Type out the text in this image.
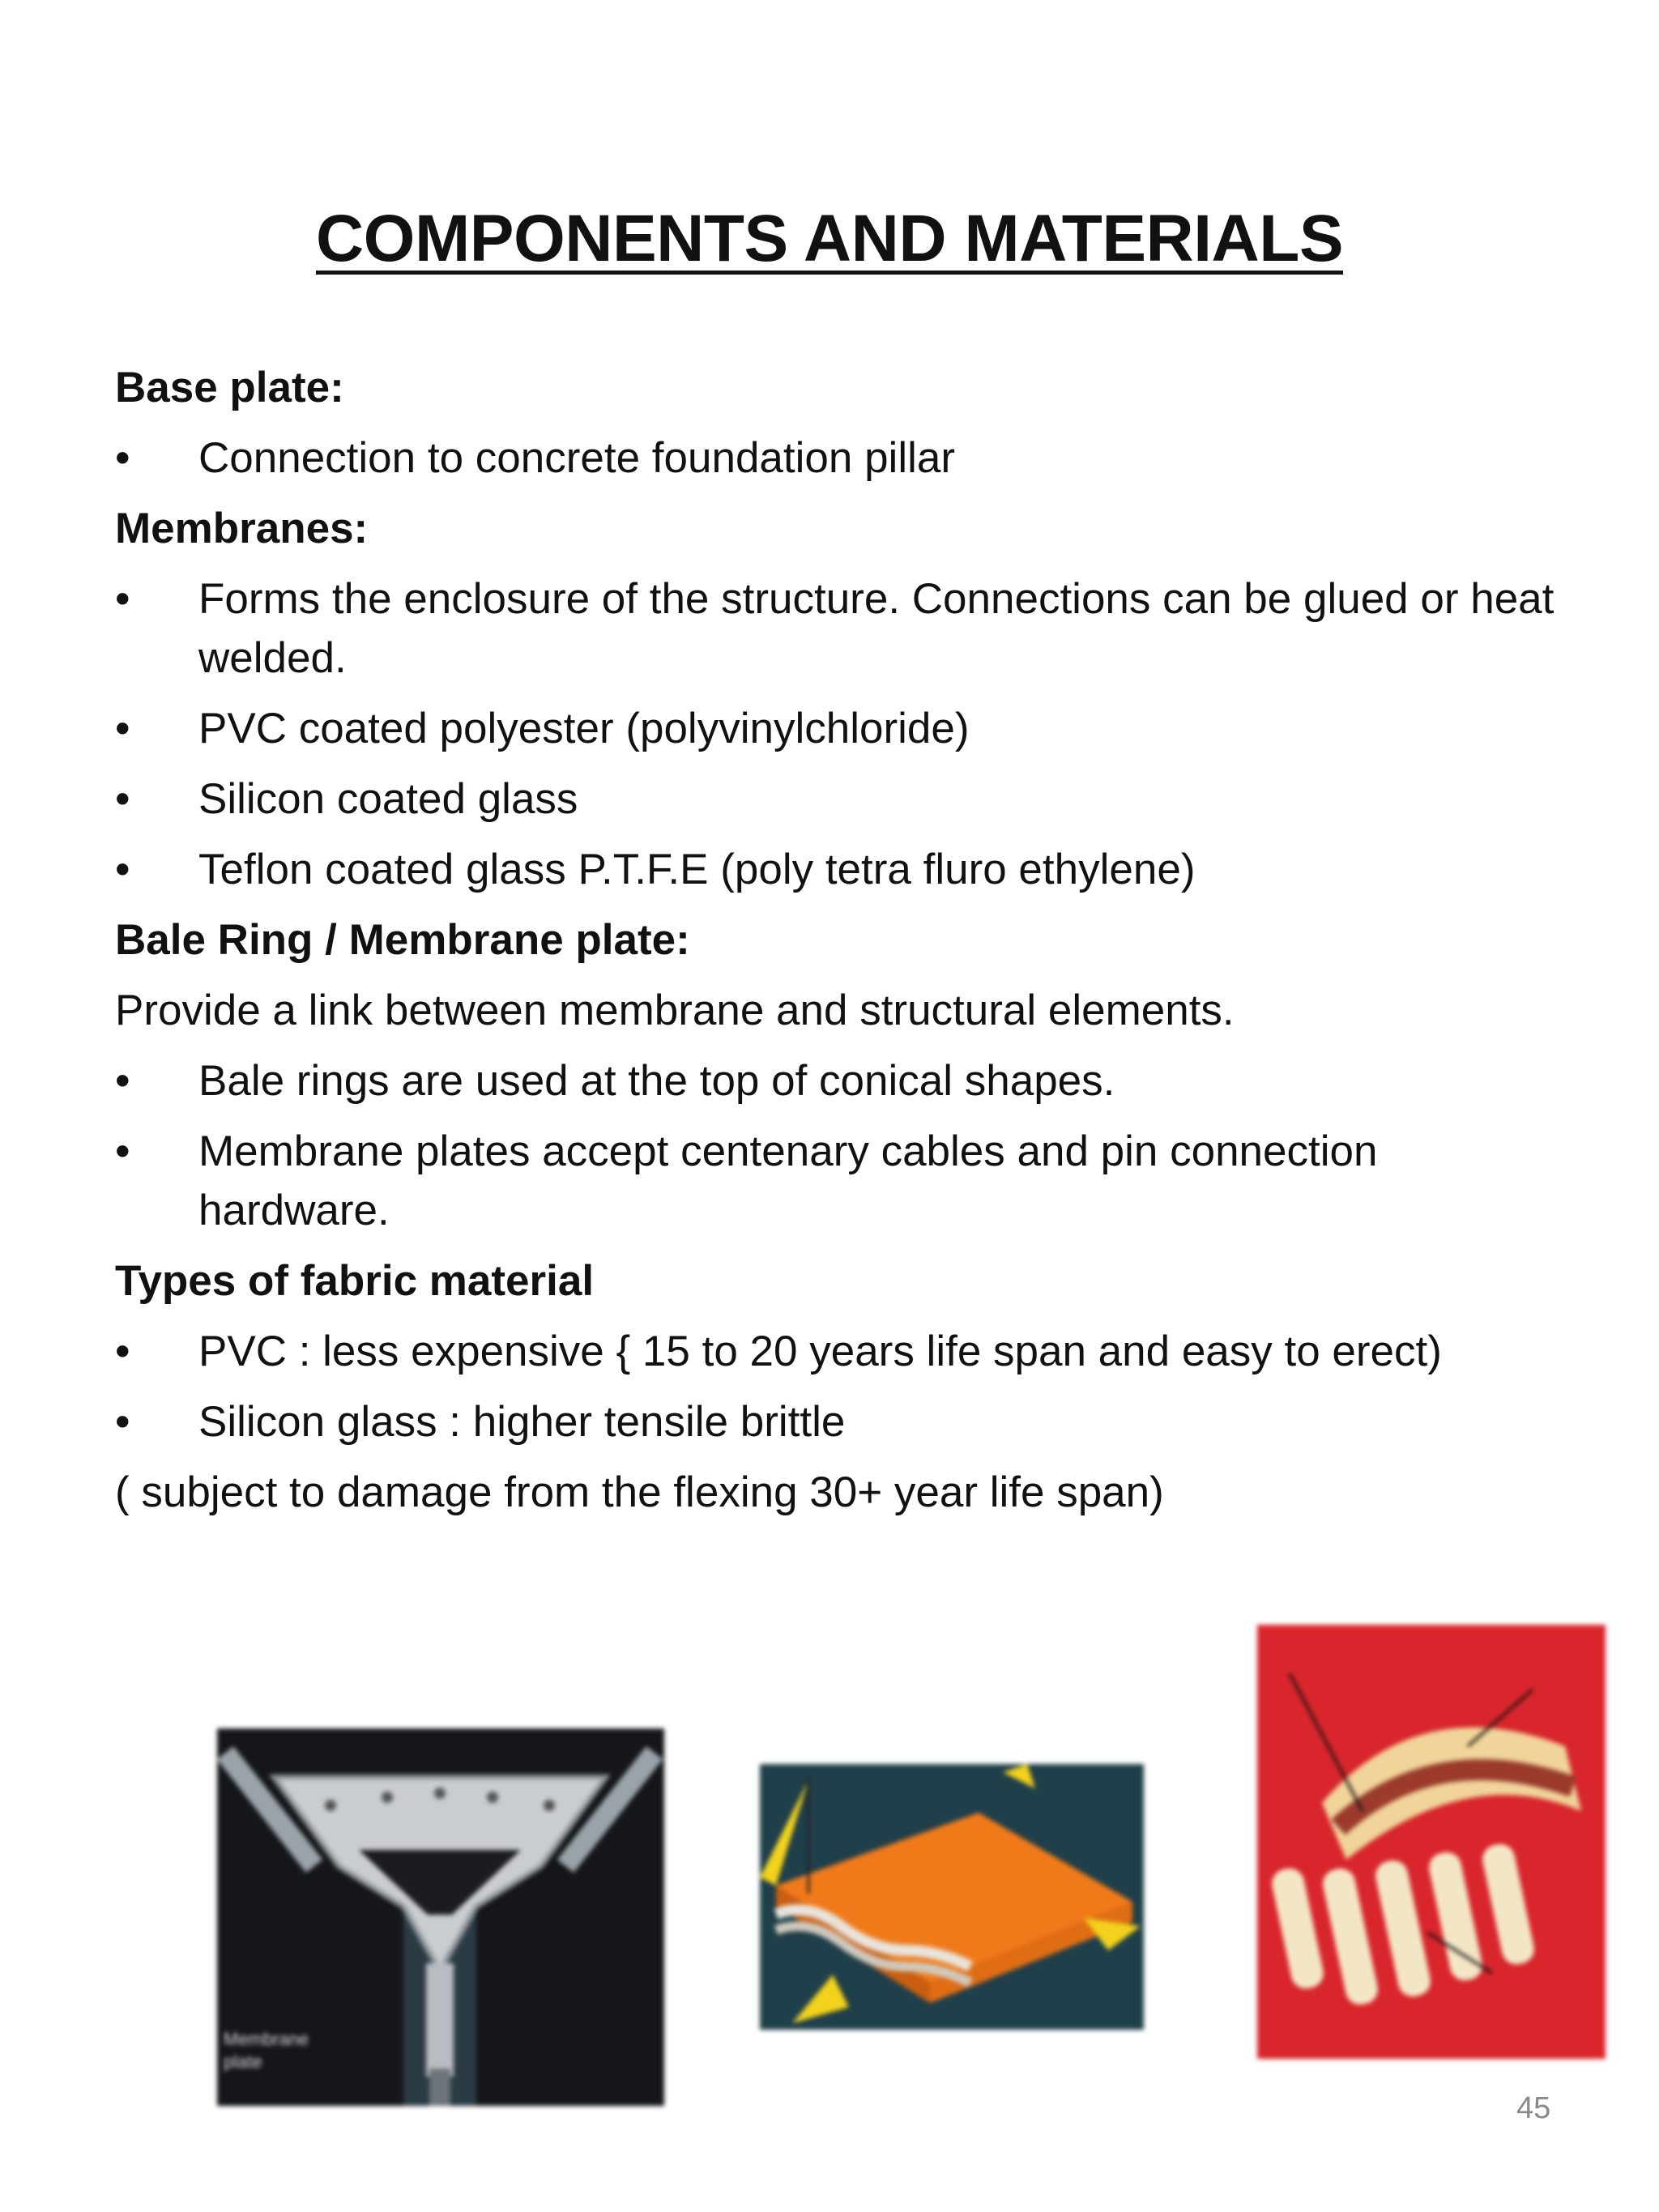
COMPONENTS AND MATERIALS
Base plate:
• Connection to concrete foundation pillar
Membranes:
• Forms the enclosure of the structure. Connections can be glued or heat welded.
• PVC coated polyester (polyvinylchloride)
• Silicon coated glass
• Teflon coated glass P.T.F.E (poly tetra fluro ethylene)
Bale Ring / Membrane plate:
Provide a link between membrane and structural elements.
• Bale rings are used at the top of conical shapes.
• Membrane plates accept centenary cables and pin connection hardware.
Types of fabric material
• PVC : less expensive { 15 to 20 years life span and easy to erect)
• Silicon glass : higher tensile brittle
( subject to damage from the flexing 30+ year life span)
Membrane plate
45
